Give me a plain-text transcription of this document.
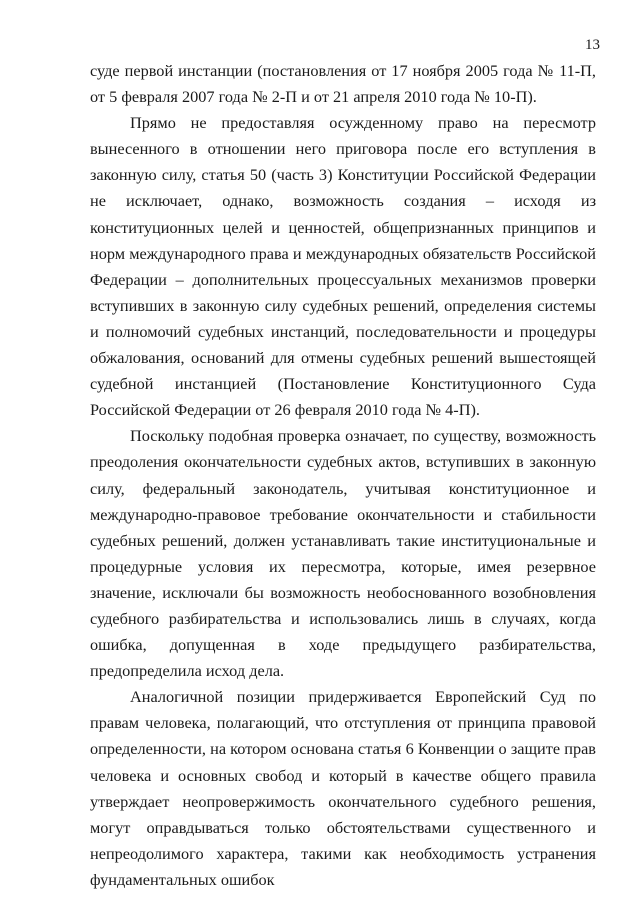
13

суде первой инстанции (постановления от 17 ноября 2005 года № 11-П, от 5 февраля 2007 года № 2-П и от 21 апреля 2010 года № 10-П).

Прямо не предоставляя осужденному право на пересмотр вынесенного в отношении него приговора после его вступления в законную силу, статья 50 (часть 3) Конституции Российской Федерации не исключает, однако, возможность создания – исходя из конституционных целей и ценностей, общепризнанных принципов и норм международного права и международных обязательств Российской Федерации – дополнительных процессуальных механизмов проверки вступивших в законную силу судебных решений, определения системы и полномочий судебных инстанций, последовательности и процедуры обжалования, оснований для отмены судебных решений вышестоящей судебной инстанцией (Постановление Конституционного Суда Российской Федерации от 26 февраля 2010 года № 4-П).

Поскольку подобная проверка означает, по существу, возможность преодоления окончательности судебных актов, вступивших в законную силу, федеральный законодатель, учитывая конституционное и международно-правовое требование окончательности и стабильности судебных решений, должен устанавливать такие институциональные и процедурные условия их пересмотра, которые, имея резервное значение, исключали бы возможность необоснованного возобновления судебного разбирательства и использовались лишь в случаях, когда ошибка, допущенная в ходе предыдущего разбирательства, предопределила исход дела.

Аналогичной позиции придерживается Европейский Суд по правам человека, полагающий, что отступления от принципа правовой определенности, на котором основана статья 6 Конвенции о защите прав человека и основных свобод и который в качестве общего правила утверждает неопровержимость окончательного судебного решения, могут оправдываться только обстоятельствами существенного и непреодолимого характера, такими как необходимость устранения фундаментальных ошибок
